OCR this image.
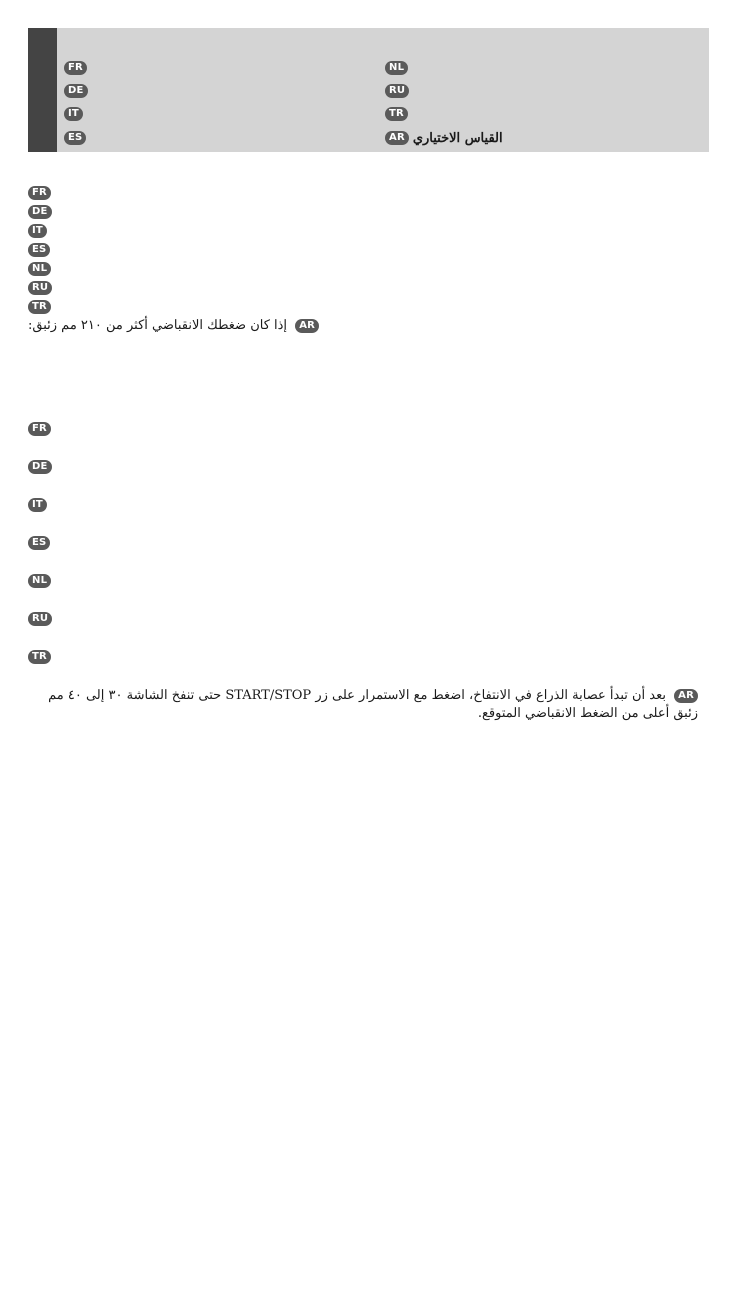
FR
DE
IT
ES
NL
RU
TR
القياس الاختياري
AR
FR
DE
IT
ES
NL
RU
TR
AR إذا كان ضغطك الانقباضي أكثر من ٢١٠ مم زئبق:
FR
DE
IT
ES
NL
RU
TR
AR بعد أن تبدأ عصابة الذراع في الانتفاخ، اضغط مع الاستمرار على زر START/STOP حتى تنفخ الشاشة ٣٠ إلى ٤٠ مم زئبق أعلى من الضغط الانقباضي المتوقع.
